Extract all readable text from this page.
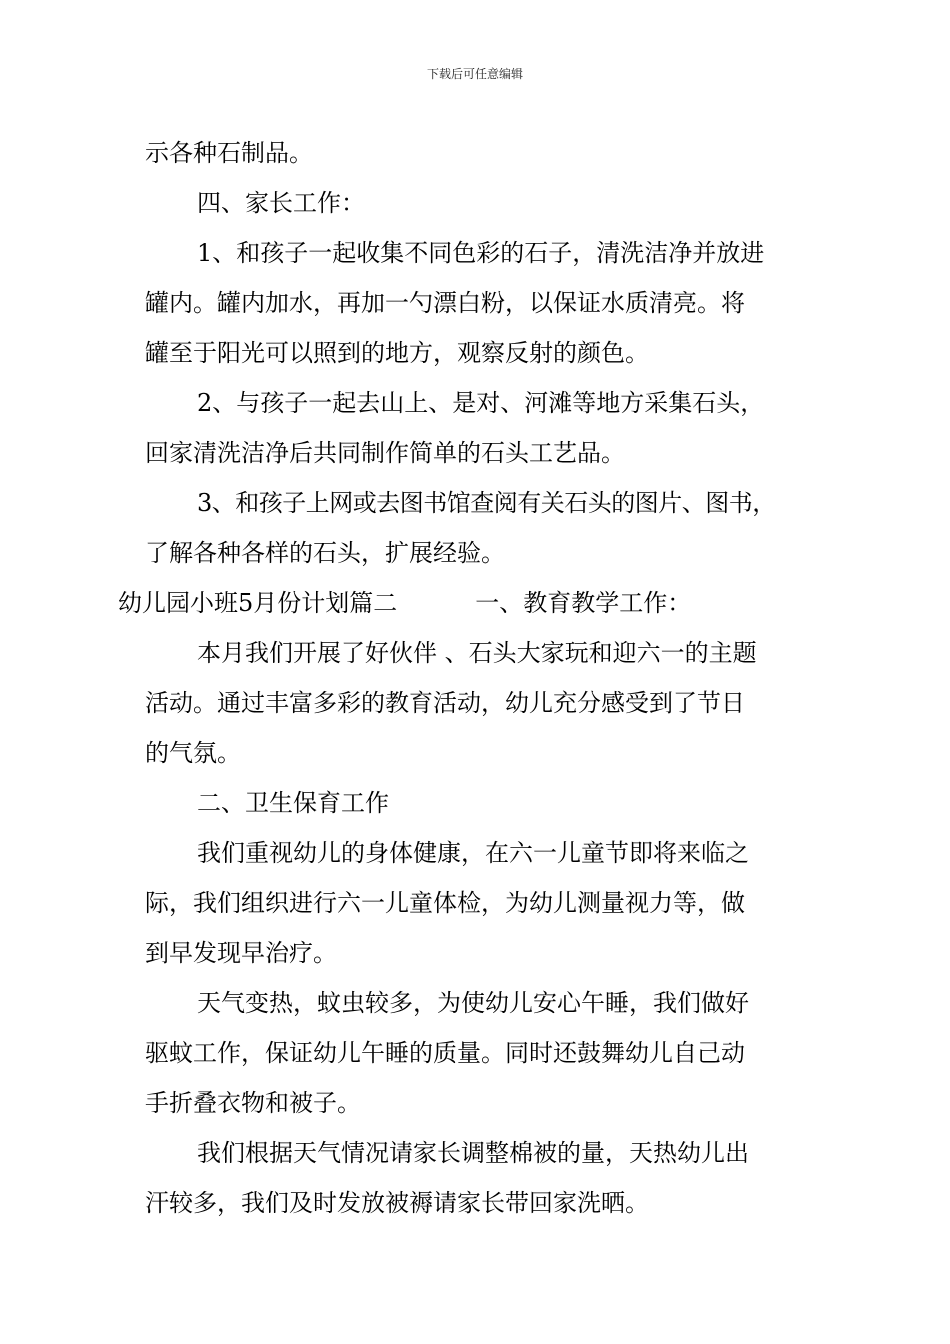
下载后可任意编辑

示各种石制品。

四、家长工作：

1、和孩子一起收集不同色彩的石子，清洗洁净并放进

罐内。罐内加水，再加一勺漂白粉，以保证水质清亮。将

罐至于阳光可以照到的地方，观察反射的颜色。

2、与孩子一起去山上、是对、河滩等地方采集石头，

回家清洗洁净后共同制作简单的石头工艺品。

3、和孩子上网或去图书馆查阅有关石头的图片、图书，

了解各种各样的石头，扩展经验。

幼儿园小班5月份计划篇二	一、教育教学工作：

本月我们开展了好伙伴 、石头大家玩和迎六一的主题

活动。通过丰富多彩的教育活动，幼儿充分感受到了节日

的气氛。

二、卫生保育工作

我们重视幼儿的身体健康，在六一儿童节即将来临之

际，我们组织进行六一儿童体检，为幼儿测量视力等，做

到早发现早治疗。

天气变热，蚊虫较多，为使幼儿安心午睡，我们做好

驱蚊工作，保证幼儿午睡的质量。同时还鼓舞幼儿自己动

手折叠衣物和被子。

我们根据天气情况请家长调整棉被的量，天热幼儿出

汗较多，我们及时发放被褥请家长带回家洗晒。
